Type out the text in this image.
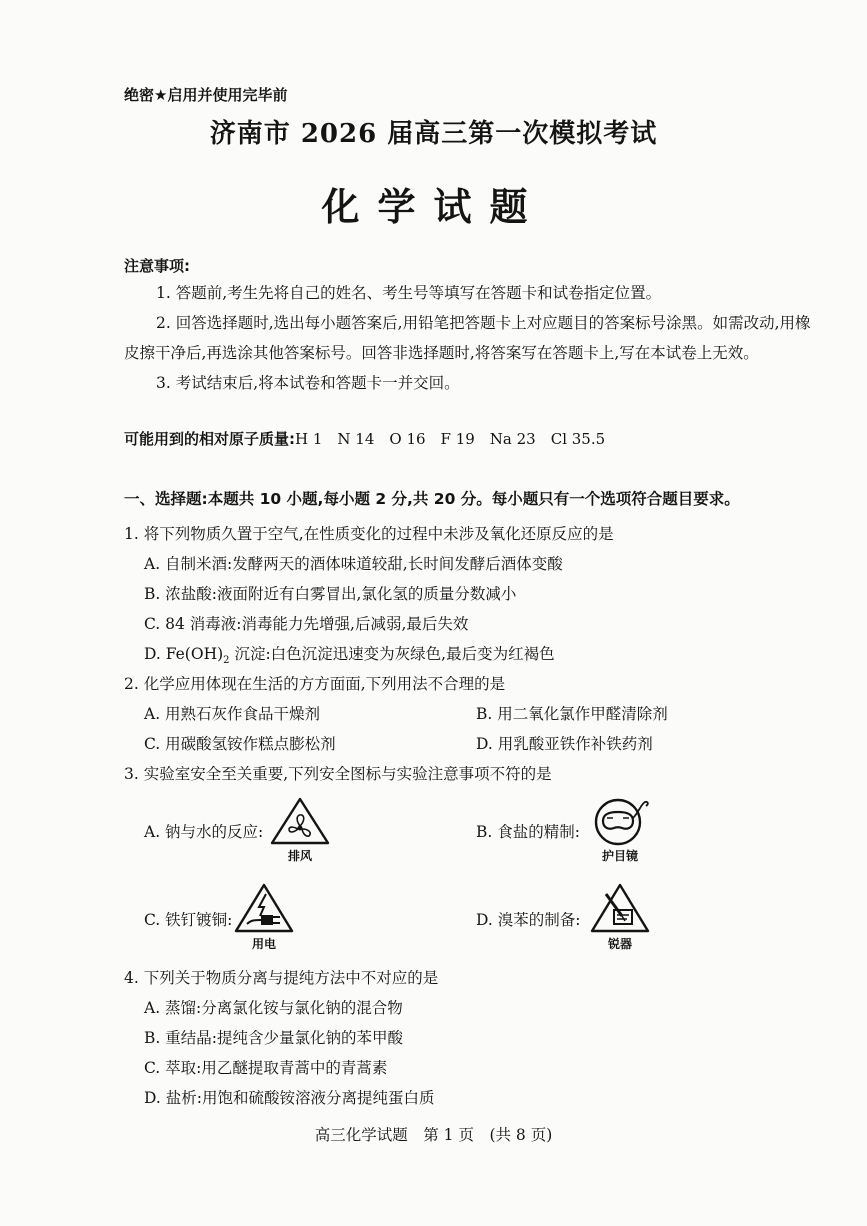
绝密★启用并使用完毕前
济南市 2026 届高三第一次模拟考试
化学试题
注意事项:

1. 答题前,考生先将自己的姓名、考生号等填写在答题卡和试卷指定位置。

2. 回答选择题时,选出每小题答案后,用铅笔把答题卡上对应题目的答案标号涂黑。如需改动,用橡皮擦干净后,再选涂其他答案标号。回答非选择题时,将答案写在答题卡上,写在本试卷上无效。

3. 考试结束后,将本试卷和答题卡一并交回。

可能用到的相对原子质量:H 1　N 14　O 16　F 19　Na 23　Cl 35.5
一、选择题:本题共 10 小题,每小题 2 分,共 20 分。每小题只有一个选项符合题目要求。
1. 将下列物质久置于空气,在性质变化的过程中未涉及氧化还原反应的是
A. 自制米酒:发酵两天的酒体味道较甜,长时间发酵后酒体变酸
B. 浓盐酸:液面附近有白雾冒出,氯化氢的质量分数减小
C. 84 消毒液:消毒能力先增强,后减弱,最后失效
D. $Fe(OH)_2$ 沉淀:白色沉淀迅速变为灰绿色,最后变为红褐色
2. 化学应用体现在生活的方方面面,下列用法不合理的是
A. 用熟石灰作食品干燥剂	B. 用二氧化氯作甲醛清除剂
C. 用碳酸氢铵作糕点膨松剂	D. 用乳酸亚铁作补铁药剂
3. 实验室安全至关重要,下列安全图标与实验注意事项不符的是
A. 钠与水的反应:
排风
B. 食盐的精制:
护目镜
C. 铁钉镀铜:
用电
D. 溴苯的制备:
锐器
4. 下列关于物质分离与提纯方法中不对应的是
A. 蒸馏:分离氯化铵与氯化钠的混合物
B. 重结晶:提纯含少量氯化钠的苯甲酸
C. 萃取:用乙醚提取青蒿中的青蒿素
D. 盐析:用饱和硫酸铵溶液分离提纯蛋白质
高三化学试题　第 1 页　(共 8 页)
